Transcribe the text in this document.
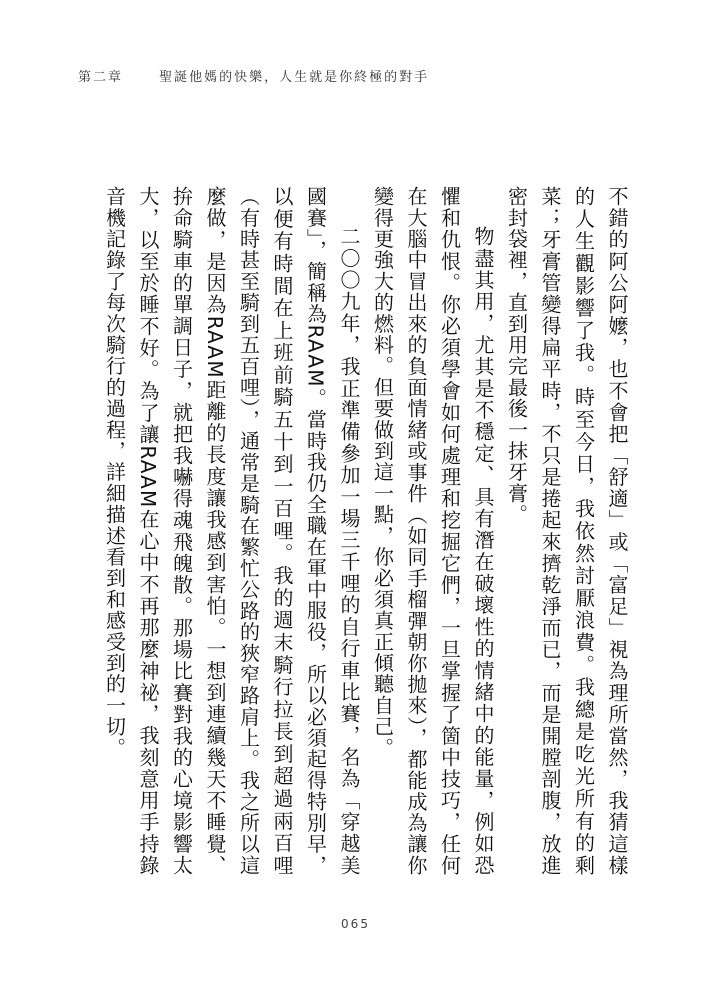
第二章	聖誕他媽的快樂，人生就是你終極的對手

不錯的阿公阿嬤，也不會把「舒適」或「富足」視為理所當然，我猜這樣的人生觀影響了我。時至今日，我依然討厭浪費。我總是吃光所有的剩菜；牙膏管變得扁平時，不只是捲起來擠乾淨而已，而是開膛剖腹，放進密封袋裡，直到用完最後一抹牙膏。

物盡其用，尤其是不穩定、具有潛在破壞性的情緒中的能量，例如恐懼和仇恨。你必須學會如何處理和挖掘它們，一旦掌握了箇中技巧，任何在大腦中冒出來的負面情緒或事件（如同手榴彈朝你拋來），都能成為讓你變得更強大的燃料。但要做到這一點，你必須真正傾聽自己。

二〇〇九年，我正準備參加一場三千哩的自行車比賽，名為「穿越美國賽」，簡稱為RAAM。當時我仍全職在軍中服役，所以必須起得特別早，以便有時間在上班前騎五十到一百哩。我的週末騎行拉長到超過兩百哩（有時甚至騎到五百哩），通常是騎在繁忙公路的狹窄路肩上。我之所以這麼做，是因為RAAM距離的長度讓我感到害怕。一想到連續幾天不睡覺、拚命騎車的單調日子，就把我嚇得魂飛魄散。那場比賽對我的心境影響太大，以至於睡不好。為了讓RAAM在心中不再那麼神祕，我刻意用手持錄音機記錄了每次騎行的過程，詳細描述看到和感受到的一切。

065
